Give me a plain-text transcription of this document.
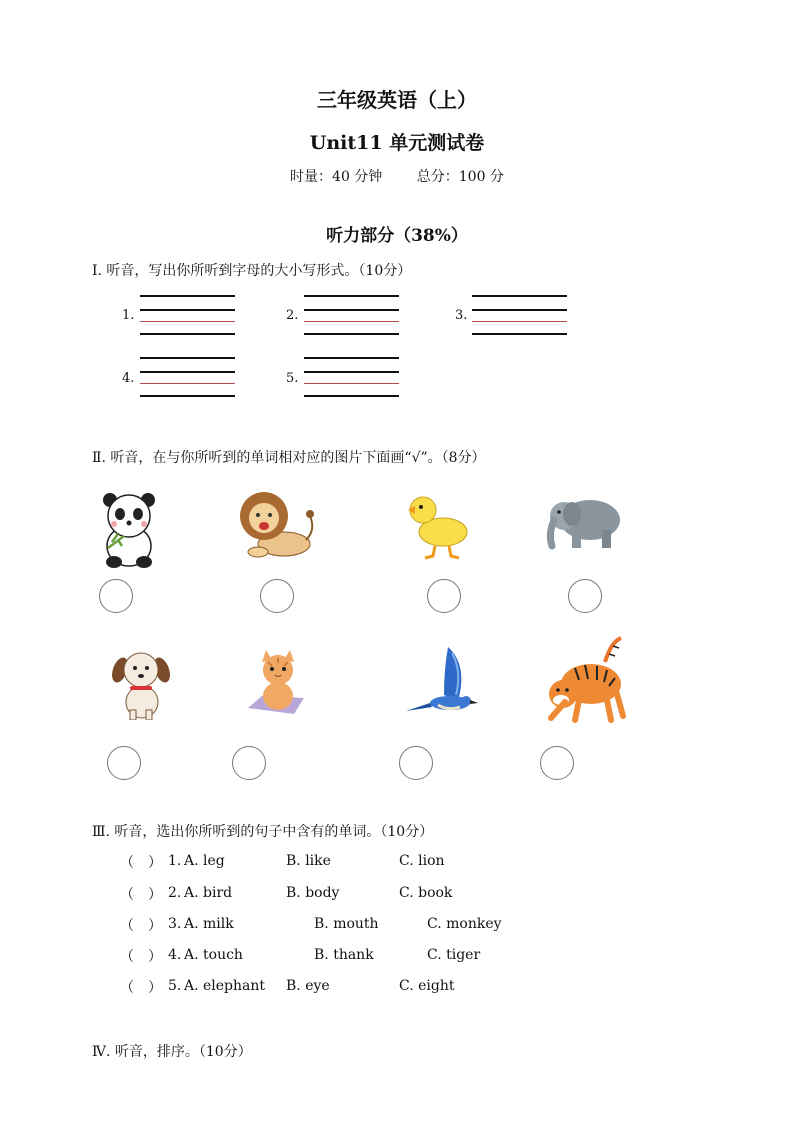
三年级英语（上）
Unit11 单元测试卷
时量：40 分钟 总分：100 分
听力部分（38%）
Ⅰ. 听音，写出你所听到字母的大小写形式。（10分）
1.	2.	3.
4.	5.
Ⅱ. 听音，在与你所听到的单词相对应的图片下面画“√”。（8分）
Ⅲ. 听音，选出你所听到的句子中含有的单词。（10分）
（　） 1. A. leg	B. like	C. lion
（　） 2. A. bird	B. body	C. book
（　） 3. A. milk	B. mouth	C. monkey
（　） 4. A. touch	B. thank	C. tiger
（　） 5. A. elephant B. eye	C. eight
Ⅳ. 听音，排序。（10分）
